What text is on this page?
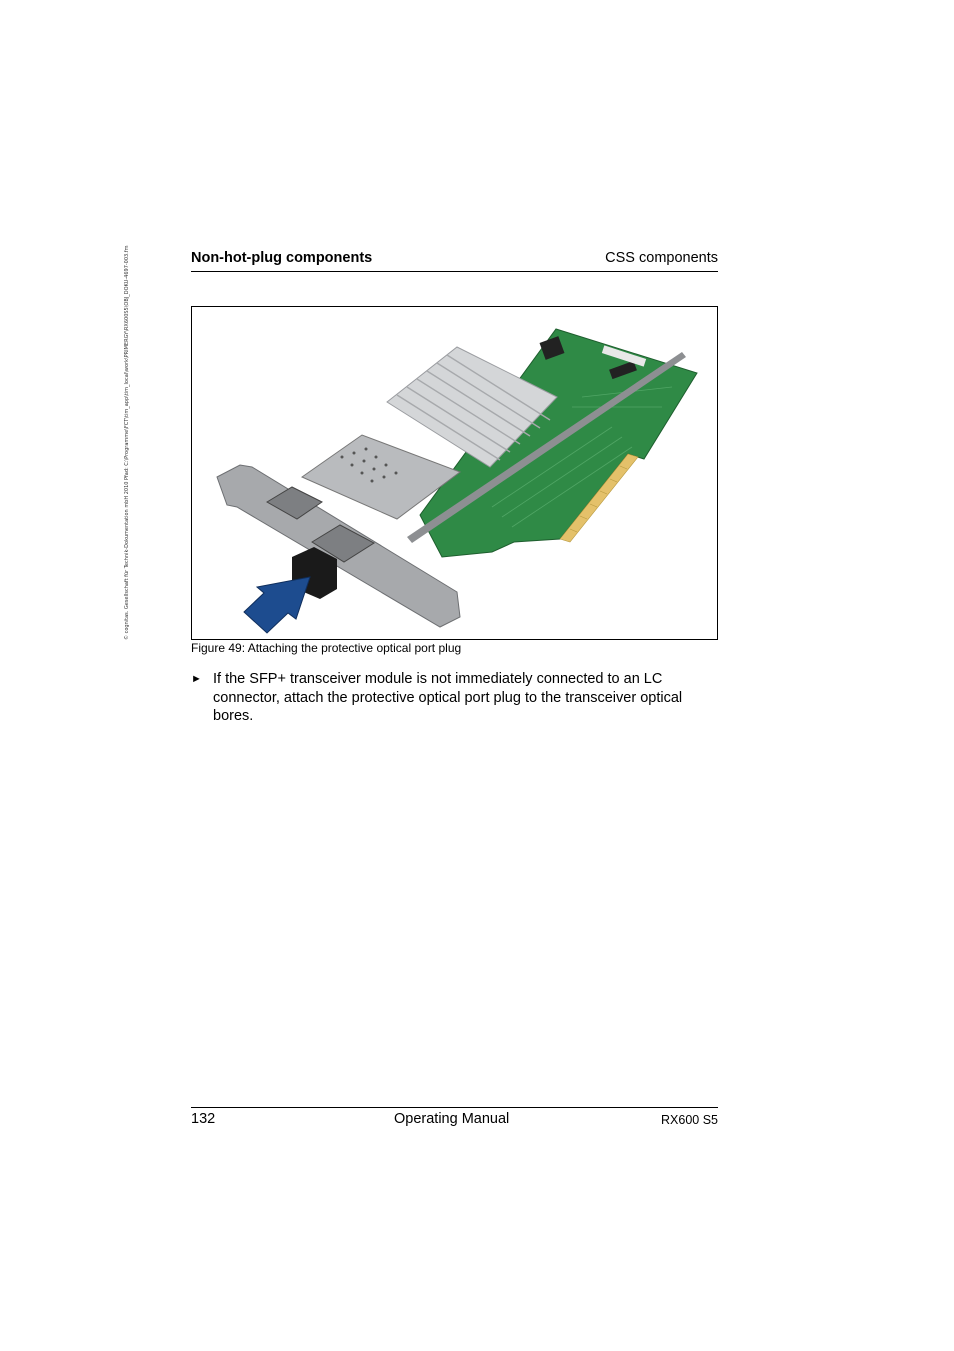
© cognitas. Gesellschaft für Technik-Dokumentation mbH 2010 Pfad: C:\Programme\FCT\tim_app\tim_local\work\PRIMERGY\RX600S5\OBJ_DOKU-4697-003.fm	Non-hot-plug components	CSS components
Figure 49: Attaching the protective optical port plug
► If the SFP+ transceiver module is not immediately connected to an LC connector, attach the protective optical port plug to the transceiver optical bores.
132	Operating Manual	RX600 S5
